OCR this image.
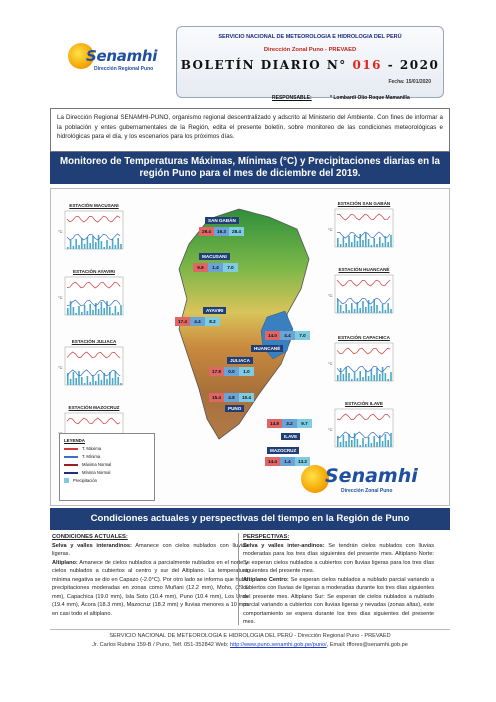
Senamhi
Dirección Regional Puno
SERVICIO NACIONAL DE METEOROLOGIA E HIDROLOGIA DEL PERÚ
Dirección Zonal Puno - PREVAED
BOLETÍN DIARIO N° 016 - 2020
Fecha: 15/01/2020
RESPONSABLE:	* Lombardi Olio Roque Mamanilla
La Dirección Regional SENAMHI-PUNO, organismo regional descentralizado y adscrito al Ministerio del Ambiente. Con fines de informar a la población y entes gubernamentales de la Región, edita el presente boletín, sobre monitoreo de las condiciones meteorológicas e hidrológicas para el día, y los escenarios para los próximos días.
Monitoreo de Temperaturas Máximas, Mínimas (°C) y Precipitaciones diarias en la región Puno para el mes de diciembre del 2019.
ESTACIÓN MACUSANI
°C
ESTACIÓN AYAVIRI
°C
ESTACIÓN JULIACA
°C
ESTACIÓN MAZOCRUZ
ESTACIÓN SAN GABÁN
°C
ESTACIÓN HUANCANÉ
°C
ESTACIÓN CAPACHICA
°C
ESTACIÓN ILAVE
°C
SAN GABÁN
29.4	16.3	28.4
MACUSANI
9.8	1.4	7.0
AYAVIRI
17.4	4.4	8.2
14.0	4.4	7.0
HUANCANÉ
JULIACA
17.8	0.0	1.0
15.4	4.8	10.4
PUNO
14.8	3.2	9.7
ILAVE
MAZOCRUZ
14.4	1.4	13.2
LEYENDA
T. Máxima
T. Mínima
Máxima Normal
Mínima Normal
Precipitación	Senamhi
Dirección Zonal Puno
Condiciones actuales y perspectivas del tiempo en la Región de Puno
CONDICIONES ACTUALES:

Selva y valles interandinos: Amanece con cielos nublados con lluvias ligeras.

Altiplano: Amanece de cielos nublados a parcialmente nublados en el norte y cielos nublados a cubiertos al centro y sur del Altiplano. La temperatura mínima negativa se dio en Capazo (-2.0°C). Por otro lado se informa que hubo precipitaciones moderadas en zonas como Muñani (12.2 mm), Moho, (29.6 mm), Capachica (19.0 mm), Isla Soto (10.4 mm), Puno (10.4 mm), Los Uros (19.4 mm), Ácora (18.3 mm), Mazocruz (18.2 mm) y lluvias menores a 10 mm en casi todo el altiplano.

PERSPECTIVAS:

Selva y valles inter-andinos: Se tendrán cielos nublados con lluvias moderadas para los tres días siguientes del presente mes. Altiplano Norte: Se esperan cielos nublados a cubiertos con lluvias ligeras para los tres días siguientes del presente mes.

Altiplano Centro: Se esperan cielos nublados a nublado parcial variando a cubiertos con lluvias de ligeras a moderadas durante los tres días siguientes del presente mes. Altiplano Sur: Se esperan de cielos nublados a nublado parcial variando a cubiertos con lluvias ligeras y nevadas (zonas altas), este comportamiento se espera durante los tres días siguientes del presente mes.

SERVICIO NACIONAL DE METEOROLOGIA E HIDROLOGIA DEL PERÚ - Dirección Regional Puno - PREVAED
Jr. Carlos Rubina 159-B / Puno, Telf. 051-352842 Web: http://www.puno.senamhi.gob.pe/puno/, Email: tffores@senamhi.gob.pe
